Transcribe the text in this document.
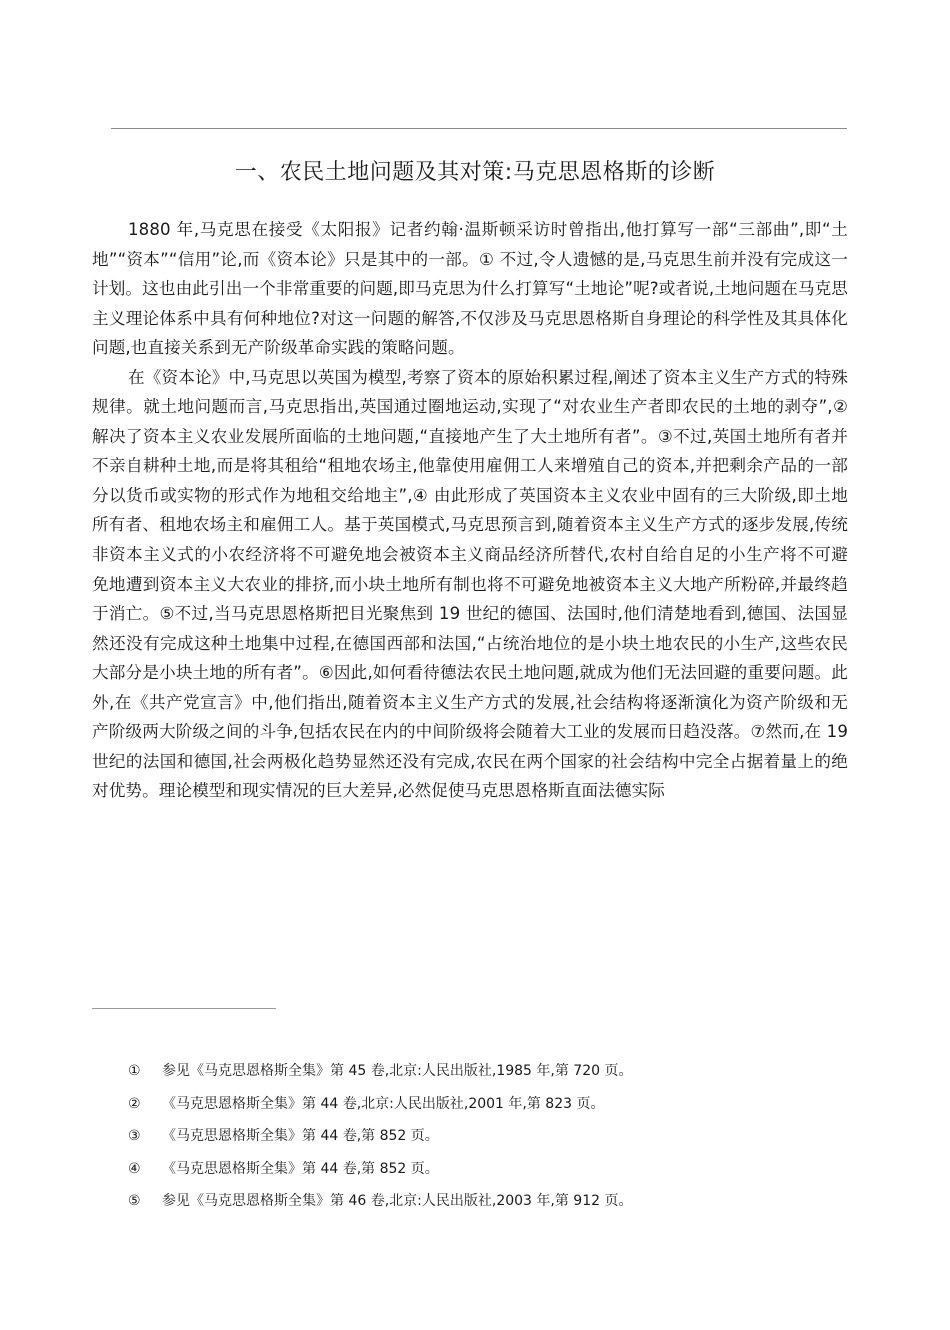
一、农民土地问题及其对策:马克思恩格斯的诊断

1880 年,马克思在接受《太阳报》记者约翰·温斯顿采访时曾指出,他打算写一部“三部曲”,即“土地”“资本”“信用”论,而《资本论》只是其中的一部。① 不过,令人遗憾的是,马克思生前并没有完成这一计划。这也由此引出一个非常重要的问题,即马克思为什么打算写“土地论”呢?或者说,土地问题在马克思主义理论体系中具有何种地位?对这一问题的解答,不仅涉及马克思恩格斯自身理论的科学性及其具体化问题,也直接关系到无产阶级革命实践的策略问题。

在《资本论》中,马克思以英国为模型,考察了资本的原始积累过程,阐述了资本主义生产方式的特殊规律。就土地问题而言,马克思指出,英国通过圈地运动,实现了“对农业生产者即农民的土地的剥夺”,② 解决了资本主义农业发展所面临的土地问题,“直接地产生了大土地所有者”。③不过,英国土地所有者并不亲自耕种土地,而是将其租给“租地农场主,他靠使用雇佣工人来增殖自己的资本,并把剩余产品的一部分以货币或实物的形式作为地租交给地主”,④ 由此形成了英国资本主义农业中固有的三大阶级,即土地所有者、租地农场主和雇佣工人。基于英国模式,马克思预言到,随着资本主义生产方式的逐步发展,传统非资本主义式的小农经济将不可避免地会被资本主义商品经济所替代,农村自给自足的小生产将不可避免地遭到资本主义大农业的排挤,而小块土地所有制也将不可避免地被资本主义大地产所粉碎,并最终趋于消亡。⑤不过,当马克思恩格斯把目光聚焦到 19 世纪的德国、法国时,他们清楚地看到,德国、法国显然还没有完成这种土地集中过程,在德国西部和法国,“占统治地位的是小块土地农民的小生产,这些农民大部分是小块土地的所有者”。⑥因此,如何看待德法农民土地问题,就成为他们无法回避的重要问题。此外,在《共产党宣言》中,他们指出,随着资本主义生产方式的发展,社会结构将逐渐演化为资产阶级和无产阶级两大阶级之间的斗争,包括农民在内的中间阶级将会随着大工业的发展而日趋没落。⑦然而,在 19 世纪的法国和德国,社会两极化趋势显然还没有完成,农民在两个国家的社会结构中完全占据着量上的绝对优势。理论模型和现实情况的巨大差异,必然促使马克思恩格斯直面法德实际

①	参见《马克思恩格斯全集》第 45 卷,北京:人民出版社,1985 年,第 720 页。
②	《马克思恩格斯全集》第 44 卷,北京:人民出版社,2001 年,第 823 页。
③	《马克思恩格斯全集》第 44 卷,第 852 页。
④	《马克思恩格斯全集》第 44 卷,第 852 页。
⑤	参见《马克思恩格斯全集》第 46 卷,北京:人民出版社,2003 年,第 912 页。
